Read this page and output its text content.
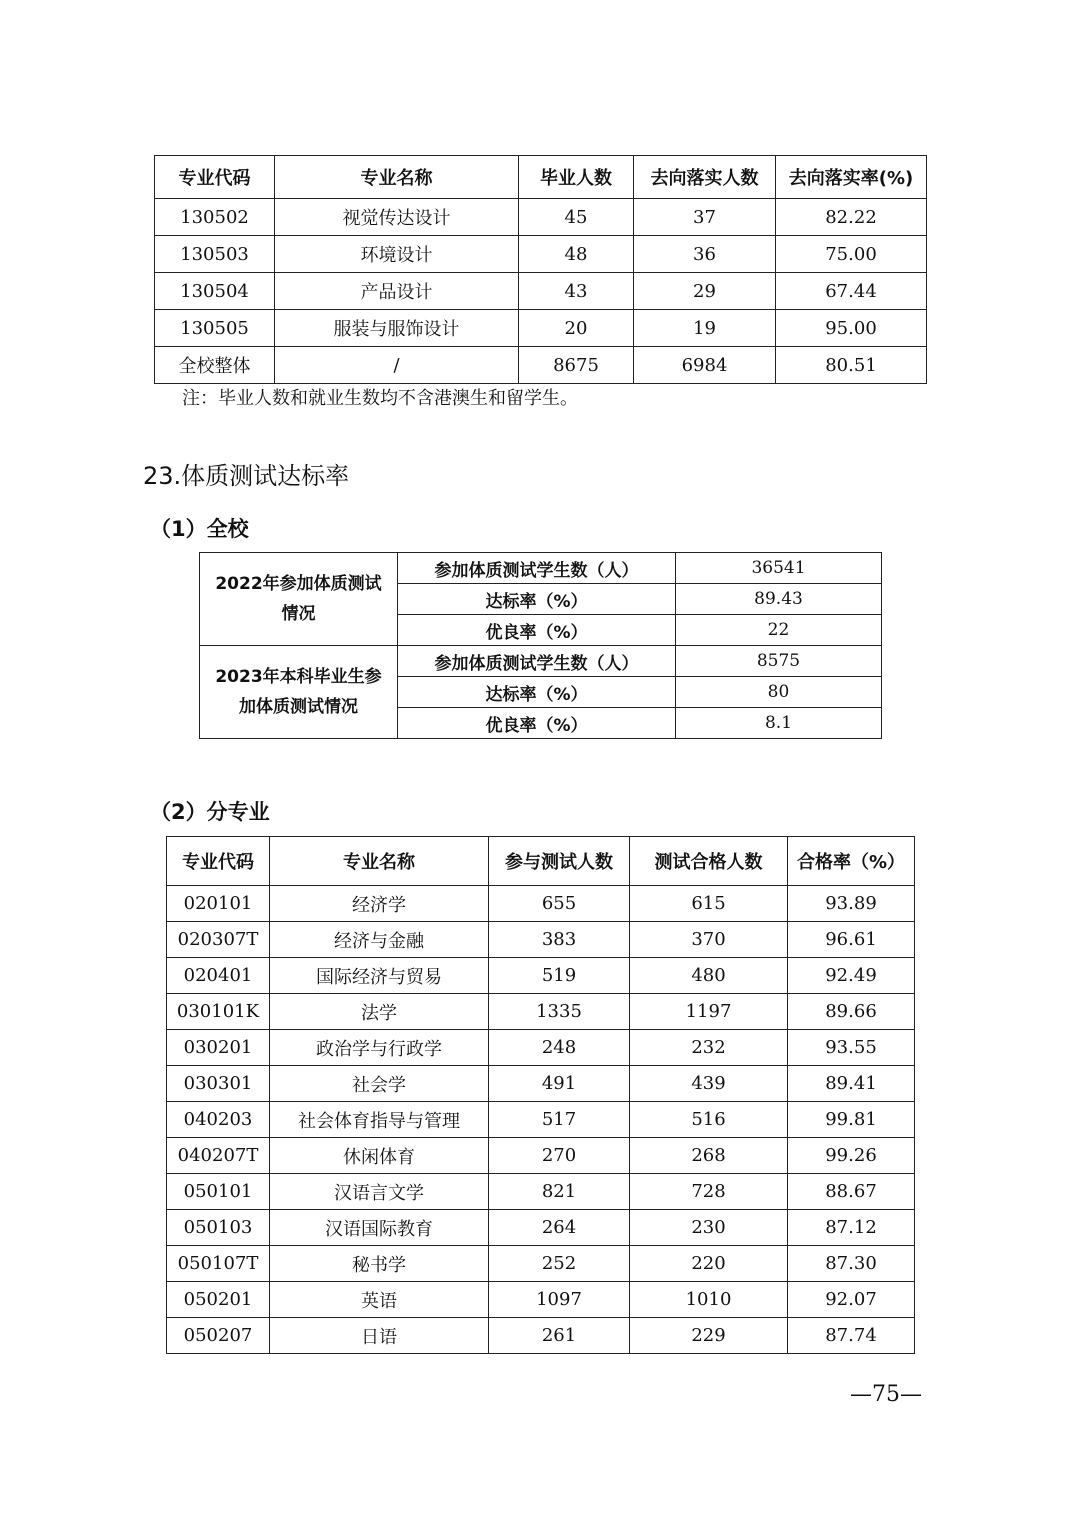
专业代码	专业名称	毕业人数	去向落实人数	去向落实率(%)
130502	视觉传达设计	45	37	82.22
130503	环境设计	48	36	75.00
130504	产品设计	43	29	67.44
130505	服装与服饰设计	20	19	95.00
全校整体	/	8675	6984	80.51
注：毕业人数和就业生数均不含港澳生和留学生。
23.体质测试达标率
（1）全校
2022年参加体质测试情况	参加体质测试学生数（人）	36541
	达标率（%）	89.43
	优良率（%）	22
2023年本科毕业生参加体质测试情况	参加体质测试学生数（人）	8575
	达标率（%）	80
	优良率（%）	8.1
（2）分专业
专业代码	专业名称	参与测试人数	测试合格人数	合格率（%）
020101	经济学	655	615	93.89
020307T	经济与金融	383	370	96.61
020401	国际经济与贸易	519	480	92.49
030101K	法学	1335	1197	89.66
030201	政治学与行政学	248	232	93.55
030301	社会学	491	439	89.41
040203	社会体育指导与管理	517	516	99.81
040207T	休闲体育	270	268	99.26
050101	汉语言文学	821	728	88.67
050103	汉语国际教育	264	230	87.12
050107T	秘书学	252	220	87.30
050201	英语	1097	1010	92.07
050207	日语	261	229	87.74
—75—
